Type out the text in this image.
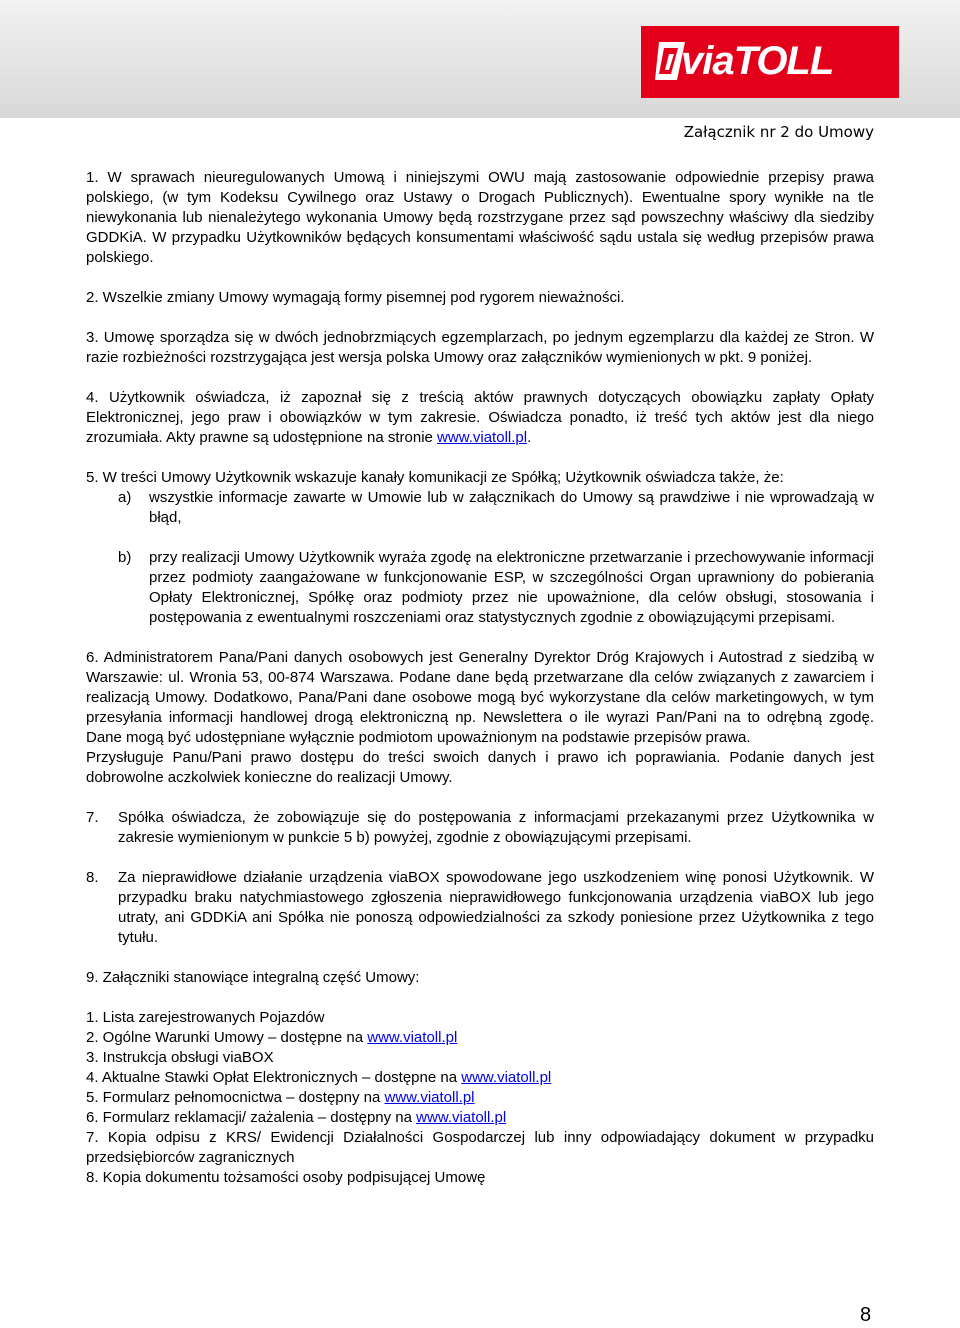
viaTOLL
Załącznik nr 2 do Umowy

1. W sprawach nieuregulowanych Umową i niniejszymi OWU mają zastosowanie odpowiednie przepisy prawa polskiego, (w tym Kodeksu Cywilnego oraz Ustawy o Drogach Publicznych). Ewentualne spory wynikłe na tle niewykonania lub nienależytego wykonania Umowy będą rozstrzygane przez sąd powszechny właściwy dla siedziby GDDKiA. W przypadku Użytkowników będących konsumentami właściwość sądu ustala się według przepisów prawa polskiego.

2. Wszelkie zmiany Umowy wymagają formy pisemnej pod rygorem nieważności.

3. Umowę sporządza się w dwóch jednobrzmiących egzemplarzach, po jednym egzemplarzu dla każdej ze Stron. W razie rozbieżności rozstrzygająca jest wersja polska Umowy oraz załączników wymienionych w pkt. 9 poniżej.

4. Użytkownik oświadcza, iż zapoznał się z treścią aktów prawnych dotyczących obowiązku zapłaty Opłaty Elektronicznej, jego praw i obowiązków w tym zakresie. Oświadcza ponadto, iż treść tych aktów jest dla niego zrozumiała. Akty prawne są udostępnione na stronie www.viatoll.pl.

5. W treści Umowy Użytkownik wskazuje kanały komunikacji ze Spółką; Użytkownik oświadcza także, że:

a)	wszystkie informacje zawarte w Umowie lub w załącznikach do Umowy są prawdziwe i nie wprowadzają w błąd,
b)	przy realizacji Umowy Użytkownik wyraża zgodę na elektroniczne przetwarzanie i przechowywanie informacji przez podmioty zaangażowane w funkcjonowanie ESP, w szczególności Organ uprawniony do pobierania Opłaty Elektronicznej, Spółkę oraz podmioty przez nie upoważnione, dla celów obsługi, stosowania i postępowania z ewentualnymi roszczeniami oraz statystycznych zgodnie z obowiązującymi przepisami.

6. Administratorem Pana/Pani danych osobowych jest Generalny Dyrektor Dróg Krajowych i Autostrad z siedzibą w Warszawie: ul. Wronia 53, 00-874 Warszawa. Podane dane będą przetwarzane dla celów związanych z zawarciem i realizacją Umowy. Dodatkowo, Pana/Pani dane osobowe mogą być wykorzystane dla celów marketingowych, w tym przesyłania informacji handlowej drogą elektroniczną np. Newslettera o ile wyrazi Pan/Pani na to odrębną zgodę. Dane mogą być udostępniane wyłącznie podmiotom upoważnionym na podstawie przepisów prawa.

Przysługuje Panu/Pani prawo dostępu do treści swoich danych i prawo ich poprawiania. Podanie danych jest dobrowolne aczkolwiek konieczne do realizacji Umowy.

7.	Spółka oświadcza, że zobowiązuje się do postępowania z informacjami przekazanymi przez Użytkownika w zakresie wymienionym w punkcie 5 b) powyżej, zgodnie z obowiązującymi przepisami.
8.	Za nieprawidłowe działanie urządzenia viaBOX spowodowane jego uszkodzeniem winę ponosi Użytkownik. W przypadku braku natychmiastowego zgłoszenia nieprawidłowego funkcjonowania urządzenia viaBOX lub jego utraty, ani GDDKiA ani Spółka nie ponoszą odpowiedzialności za szkody poniesione przez Użytkownika z tego tytułu.

9. Załączniki stanowiące integralną część Umowy:

1. Lista zarejestrowanych Pojazdów
2. Ogólne Warunki Umowy – dostępne na www.viatoll.pl
3. Instrukcja obsługi viaBOX
4. Aktualne Stawki Opłat Elektronicznych – dostępne na www.viatoll.pl
5. Formularz pełnomocnictwa – dostępny na www.viatoll.pl
6. Formularz reklamacji/ zażalenia – dostępny na www.viatoll.pl
7. Kopia odpisu z KRS/ Ewidencji Działalności Gospodarczej lub inny odpowiadający dokument w przypadku przedsiębiorców zagranicznych
8. Kopia dokumentu tożsamości osoby podpisującej Umowę
8
